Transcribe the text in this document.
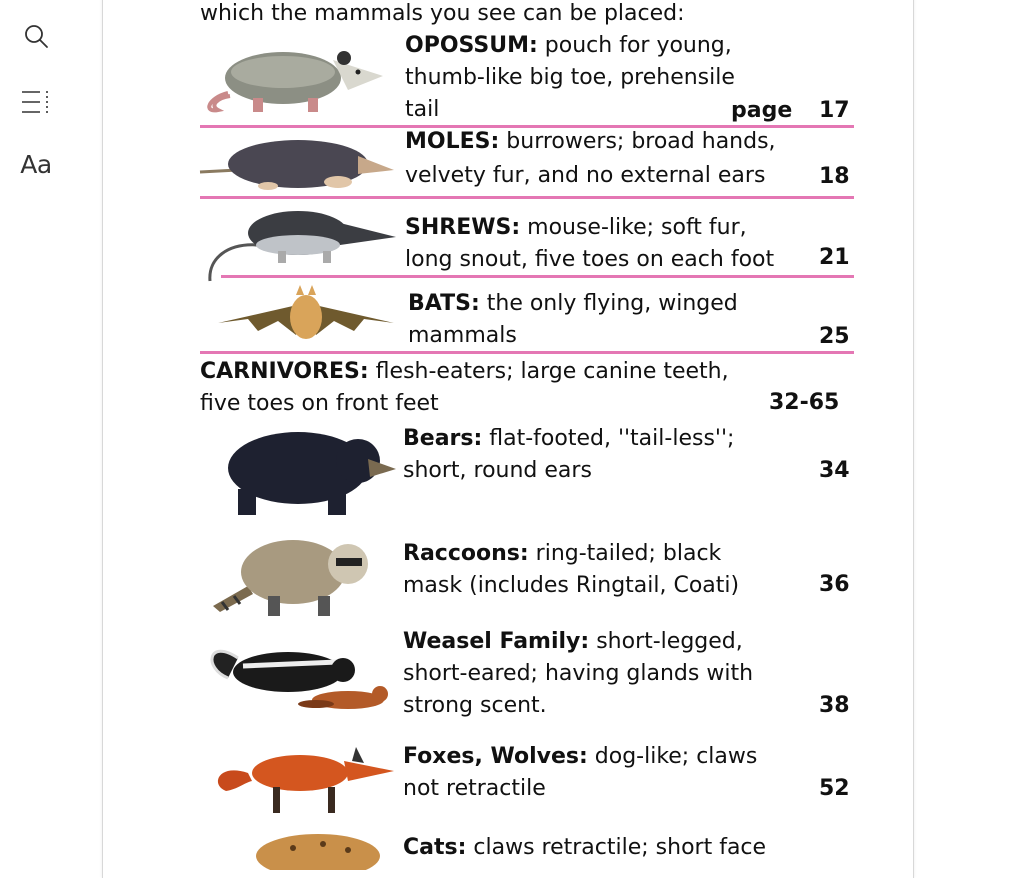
Aa
which the mammals you see can be placed:
OPOSSUM: pouch for young,
thumb-like big toe, prehensile
tail	page 17
MOLES: burrowers; broad hands,
velvety fur, and no external ears 18
SHREWS: mouse-like; soft fur,
long snout, five toes on each foot 21
BATS: the only flying, winged
mammals	25
CARNIVORES: flesh-eaters; large canine teeth,
five toes on front feet	32-65
Bears: flat-footed, ''tail-less'';
short, round ears	34
Raccoons: ring-tailed; black
mask (includes Ringtail, Coati)	36
Weasel Family: short-legged,
short-eared; having glands with
strong scent.	38
Foxes, Wolves: dog-like; claws
not retractile	52
Cats: claws retractile; short face
